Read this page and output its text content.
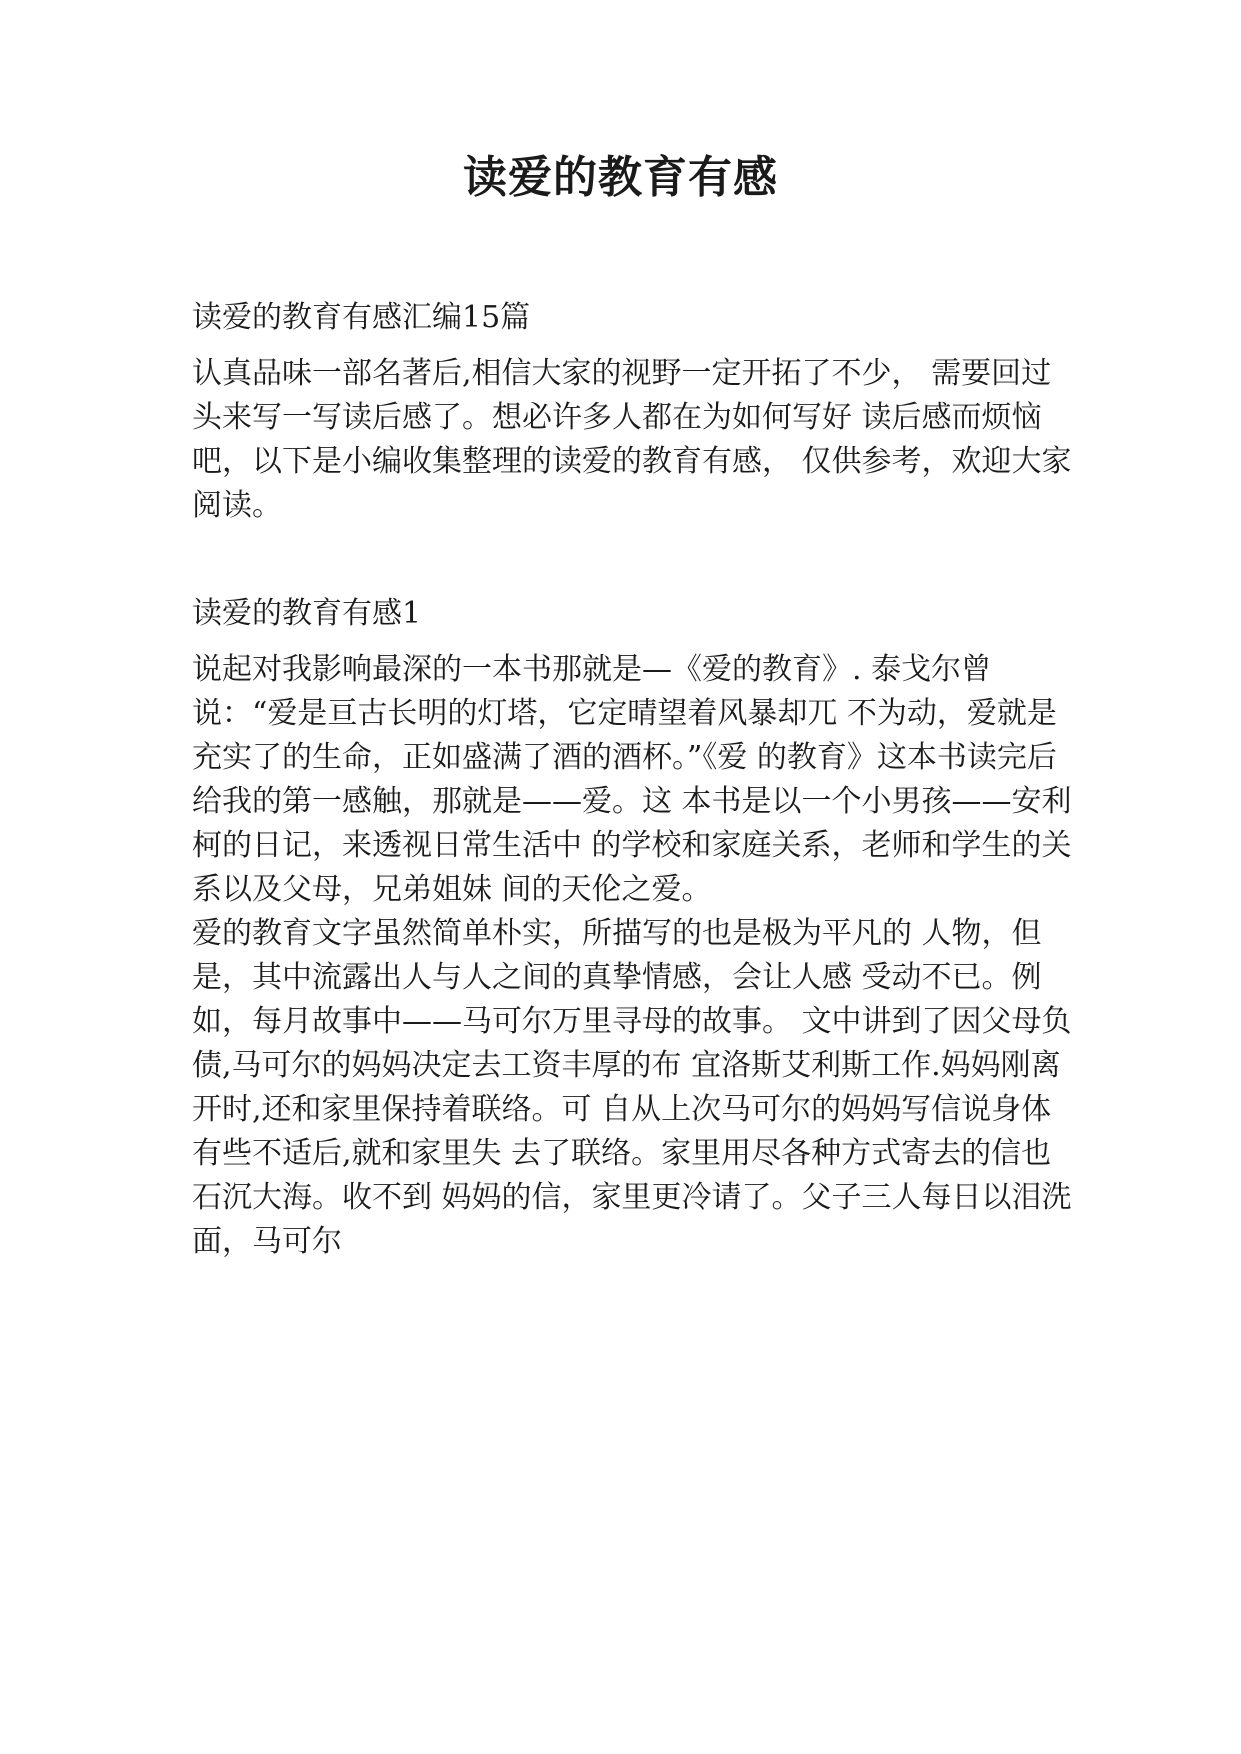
读爱的教育有感

读爱的教育有感汇编15篇

认真品味一部名著后,相信大家的视野一定开拓了不少， 需要回过头来写一写读后感了。想必许多人都在为如何写好 读后感而烦恼吧，以下是小编收集整理的读爱的教育有感， 仅供参考，欢迎大家阅读。

读爱的教育有感1

说起对我影响最深的一本书那就是—《爱的教育》. 泰戈尔曾说：“爱是亘古长明的灯塔，它定晴望着风暴却兀 不为动，爱就是充实了的生命，正如盛满了酒的酒杯。”《爱 的教育》这本书读完后给我的第一感触，那就是——爱。这 本书是以一个小男孩——安利柯的日记，来透视日常生活中 的学校和家庭关系，老师和学生的关系以及父母，兄弟姐妹 间的天伦之爱。
爱的教育文字虽然简单朴实，所描写的也是极为平凡的 人物，但是，其中流露出人与人之间的真挚情感，会让人感 受动不已。例如，每月故事中——马可尔万里寻母的故事。 文中讲到了因父母负债,马可尔的妈妈决定去工资丰厚的布 宜洛斯艾利斯工作.妈妈刚离开时,还和家里保持着联络。可 自从上次马可尔的妈妈写信说身体有些不适后,就和家里失 去了联络。家里用尽各种方式寄去的信也石沉大海。收不到 妈妈的信，家里更冷请了。父子三人每日以泪洗面，马可尔
